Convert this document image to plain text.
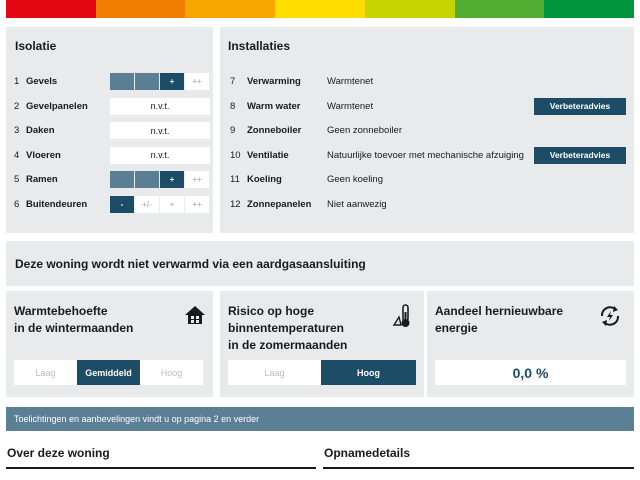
Isolatie
1 Gevels	+	++
2 Gevelpanelen	n.v.t.
3 Daken	n.v.t.
4 Vloeren	n.v.t.
5 Ramen	+	++
6 Buitendeuren	-	+/-	+	++
Installaties
7	Verwarming	Warmtenet
8	Warm water	Warmtenet	Verbeteradvies
9	Zonneboiler	Geen zonneboiler
10 Ventilatie	Natuurlijke toevoer met mechanische afzuiging	Verbeteradvies
11 Koeling	Geen koeling
12 Zonnepanelen	Niet aanwezig
Deze woning wordt niet verwarmd via een aardgasaansluiting
Warmtebehoefte
in de wintermaanden
Laag	Gemiddeld	Hoog
Risico op hoge
binnentemperaturen
in de zomermaanden
Laag	Hoog
Aandeel hernieuwbare
energie
0,0 %
Toelichtingen en aanbevelingen vindt u op pagina 2 en verder
Over deze woning	Opnamedetails
